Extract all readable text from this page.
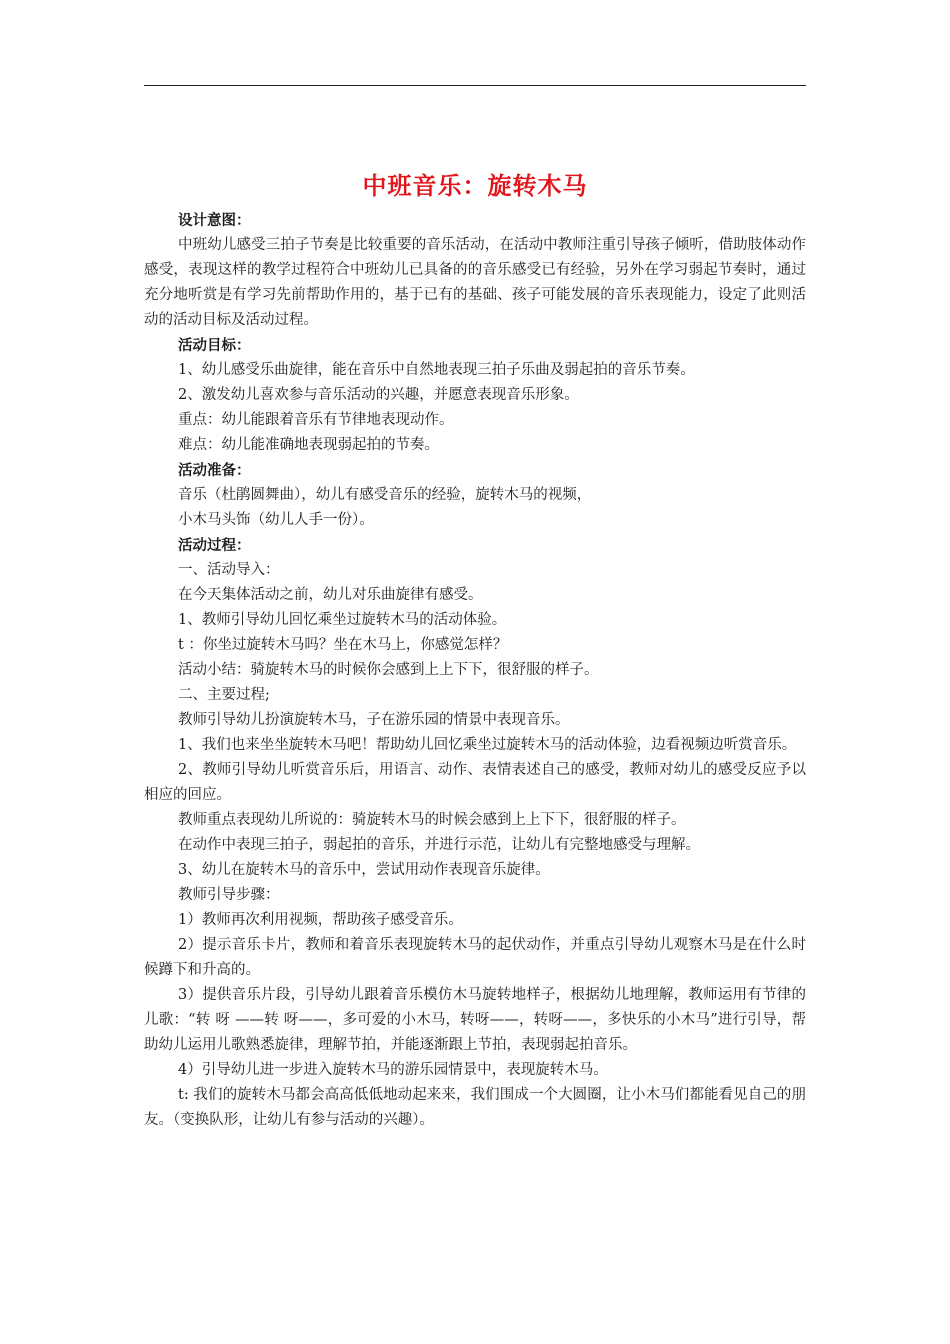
中班音乐：旋转木马

设计意图：

中班幼儿感受三拍子节奏是比较重要的音乐活动，在活动中教师注重引导孩子倾听，借助肢体动作感受，表现这样的教学过程符合中班幼儿已具备的的音乐感受已有经验，另外在学习弱起节奏时，通过充分地听赏是有学习先前帮助作用的，基于已有的基础、孩子可能发展的音乐表现能力，设定了此则活动的活动目标及活动过程。

活动目标：

1、幼儿感受乐曲旋律，能在音乐中自然地表现三拍子乐曲及弱起拍的音乐节奏。

2、激发幼儿喜欢参与音乐活动的兴趣，并愿意表现音乐形象。

重点：幼儿能跟着音乐有节律地表现动作。

难点：幼儿能准确地表现弱起拍的节奏。

活动准备：

音乐（杜鹃圆舞曲），幼儿有感受音乐的经验，旋转木马的视频，

小木马头饰（幼儿人手一份）。

活动过程：

一、活动导入：

在今天集体活动之前，幼儿对乐曲旋律有感受。

1、教师引导幼儿回忆乘坐过旋转木马的活动体验。

t ：你坐过旋转木马吗？坐在木马上，你感觉怎样？

活动小结：骑旋转木马的时候你会感到上上下下，很舒服的样子。

二、主要过程;

教师引导幼儿扮演旋转木马，子在游乐园的情景中表现音乐。

1、我们也来坐坐旋转木马吧！帮助幼儿回忆乘坐过旋转木马的活动体验，边看视频边听赏音乐。

2、教师引导幼儿听赏音乐后，用语言、动作、表情表述自己的感受，教师对幼儿的感受反应予以相应的回应。

教师重点表现幼儿所说的：骑旋转木马的时候会感到上上下下，很舒服的样子。

在动作中表现三拍子，弱起拍的音乐，并进行示范，让幼儿有完整地感受与理解。

3、幼儿在旋转木马的音乐中，尝试用动作表现音乐旋律。

教师引导步骤：

1）教师再次利用视频，帮助孩子感受音乐。

2）提示音乐卡片，教师和着音乐表现旋转木马的起伏动作，并重点引导幼儿观察木马是在什么时候蹲下和升高的。

3）提供音乐片段，引导幼儿跟着音乐模仿木马旋转地样子，根据幼儿地理解，教师运用有节律的儿歌：“转 呀 ——转 呀——，多可爱的小木马，转呀——，转呀——，多快乐的小木马”进行引导，帮助幼儿运用儿歌熟悉旋律，理解节拍，并能逐渐跟上节拍，表现弱起拍音乐。

4）引导幼儿进一步进入旋转木马的游乐园情景中，表现旋转木马。

t: 我们的旋转木马都会高高低低地动起来来，我们围成一个大圆圈，让小木马们都能看见自己的朋友。（变换队形，让幼儿有参与活动的兴趣）。
